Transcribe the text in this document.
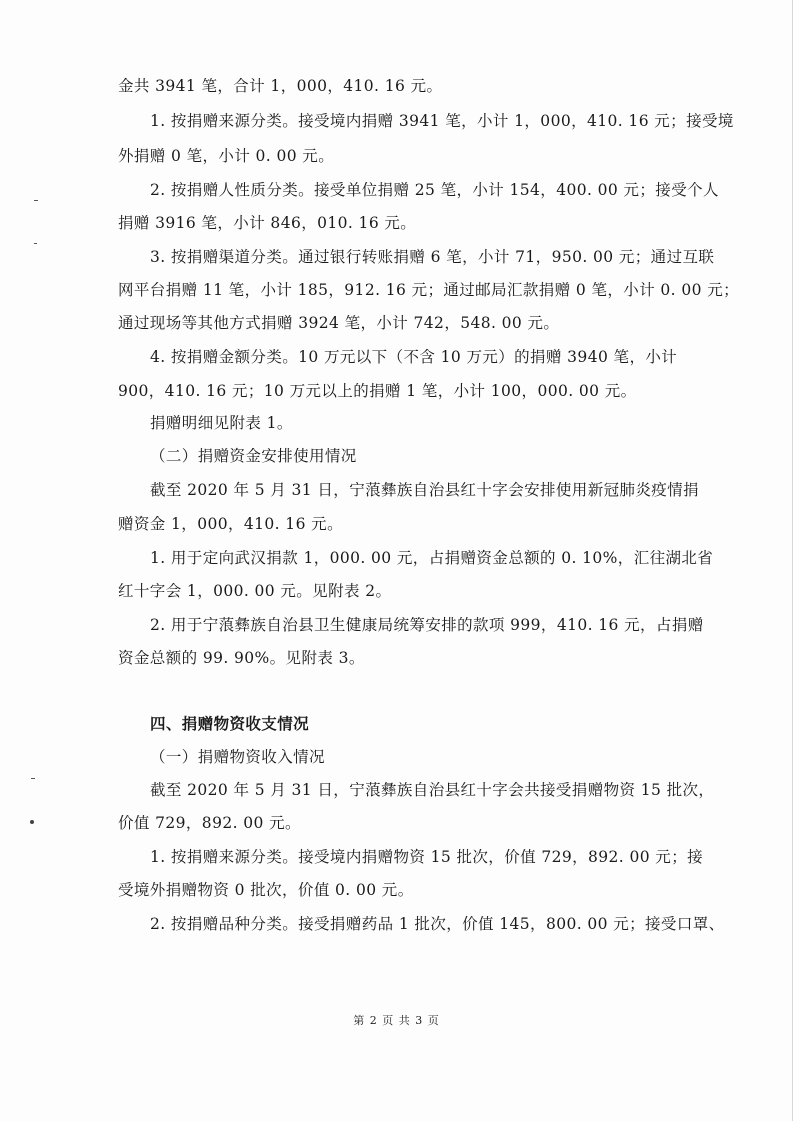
金共 3941 笔，合计 1，000，410. 16 元。
1. 按捐赠来源分类。接受境内捐赠 3941 笔，小计 1，000，410. 16 元；接受境
外捐赠 0 笔，小计 0. 00 元。
2. 按捐赠人性质分类。接受单位捐赠 25 笔，小计 154，400. 00 元；接受个人
捐赠 3916 笔，小计 846，010. 16 元。
3. 按捐赠渠道分类。通过银行转账捐赠 6 笔，小计 71，950. 00 元；通过互联
网平台捐赠 11 笔，小计 185，912. 16 元；通过邮局汇款捐赠 0 笔，小计 0. 00 元；
通过现场等其他方式捐赠 3924 笔，小计 742，548. 00 元。
4. 按捐赠金额分类。10 万元以下（不含 10 万元）的捐赠 3940 笔，小计
900，410. 16 元；10 万元以上的捐赠 1 笔，小计 100，000. 00 元。
捐赠明细见附表 1。
（二）捐赠资金安排使用情况
截至 2020 年 5 月 31 日，宁蒗彝族自治县红十字会安排使用新冠肺炎疫情捐
赠资金 1，000，410. 16 元。
1. 用于定向武汉捐款 1，000. 00 元，占捐赠资金总额的 0. 10%，汇往湖北省
红十字会 1，000. 00 元。见附表 2。
2. 用于宁蒗彝族自治县卫生健康局统筹安排的款项 999，410. 16 元，占捐赠
资金总额的 99. 90%。见附表 3。
四、捐赠物资收支情况
（一）捐赠物资收入情况
截至 2020 年 5 月 31 日，宁蒗彝族自治县红十字会共接受捐赠物资 15 批次，
价值 729，892. 00 元。
1. 按捐赠来源分类。接受境内捐赠物资 15 批次，价值 729，892. 00 元；接
受境外捐赠物资 0 批次，价值 0. 00 元。
2. 按捐赠品种分类。接受捐赠药品 1 批次，价值 145，800. 00 元；接受口罩、
第 2 页 共 3 页
